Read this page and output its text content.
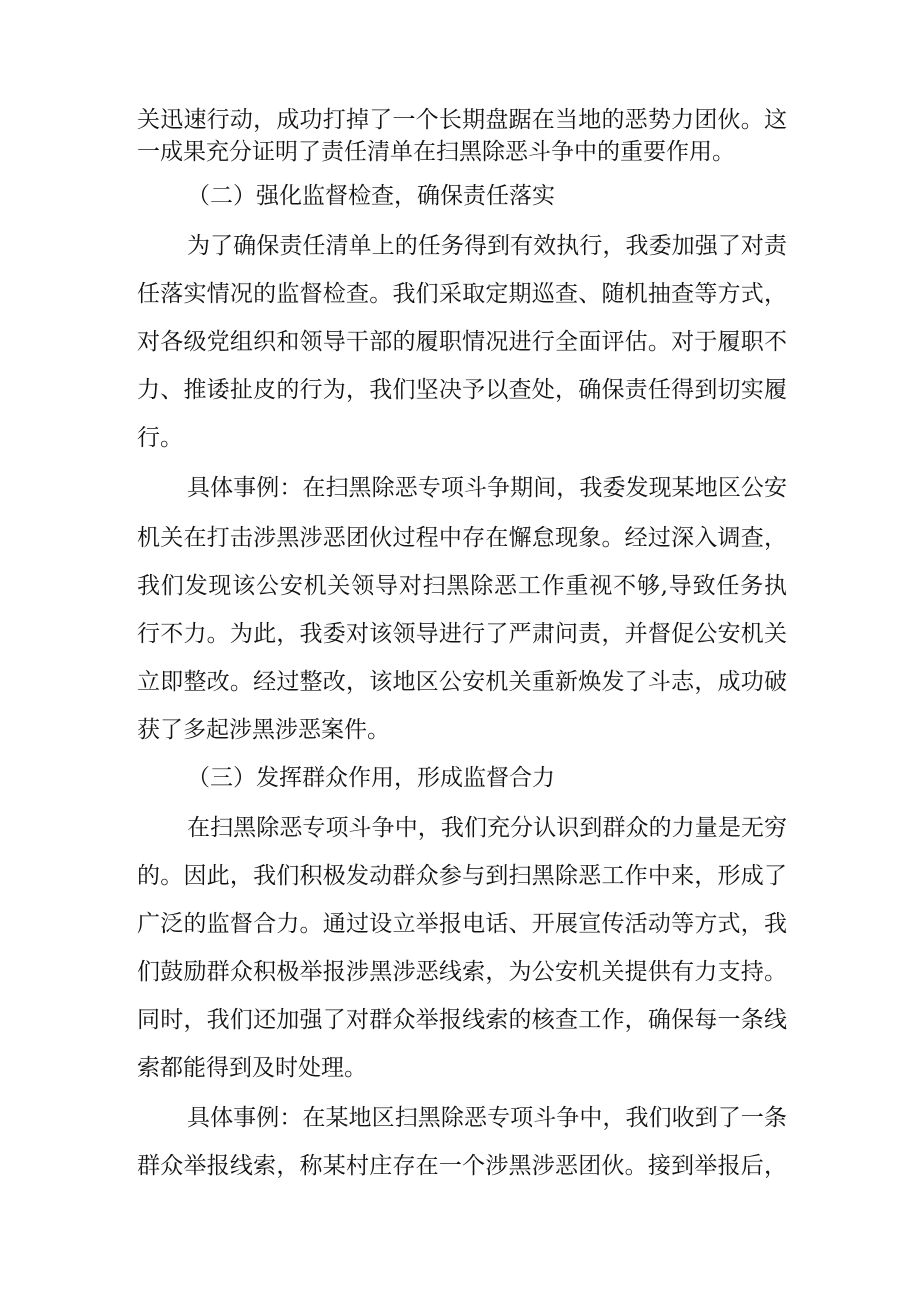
关迅速行动，成功打掉了一个长期盘踞在当地的恶势力团伙。这
一成果充分证明了责任清单在扫黑除恶斗争中的重要作用。
（二）强化监督检查，确保责任落实
为了确保责任清单上的任务得到有效执行，我委加强了对责
任落实情况的监督检查。我们采取定期巡查、随机抽查等方式，
对各级党组织和领导干部的履职情况进行全面评估。对于履职不
力、推诿扯皮的行为，我们坚决予以查处，确保责任得到切实履
行。
具体事例：在扫黑除恶专项斗争期间，我委发现某地区公安
机关在打击涉黑涉恶团伙过程中存在懈怠现象。经过深入调查，
我们发现该公安机关领导对扫黑除恶工作重视不够,导致任务执
行不力。为此，我委对该领导进行了严肃问责，并督促公安机关
立即整改。经过整改，该地区公安机关重新焕发了斗志，成功破
获了多起涉黑涉恶案件。
（三）发挥群众作用，形成监督合力
在扫黑除恶专项斗争中，我们充分认识到群众的力量是无穷
的。因此，我们积极发动群众参与到扫黑除恶工作中来，形成了
广泛的监督合力。通过设立举报电话、开展宣传活动等方式，我
们鼓励群众积极举报涉黑涉恶线索，为公安机关提供有力支持。
同时，我们还加强了对群众举报线索的核查工作，确保每一条线
索都能得到及时处理。
具体事例：在某地区扫黑除恶专项斗争中，我们收到了一条
群众举报线索，称某村庄存在一个涉黑涉恶团伙。接到举报后，
